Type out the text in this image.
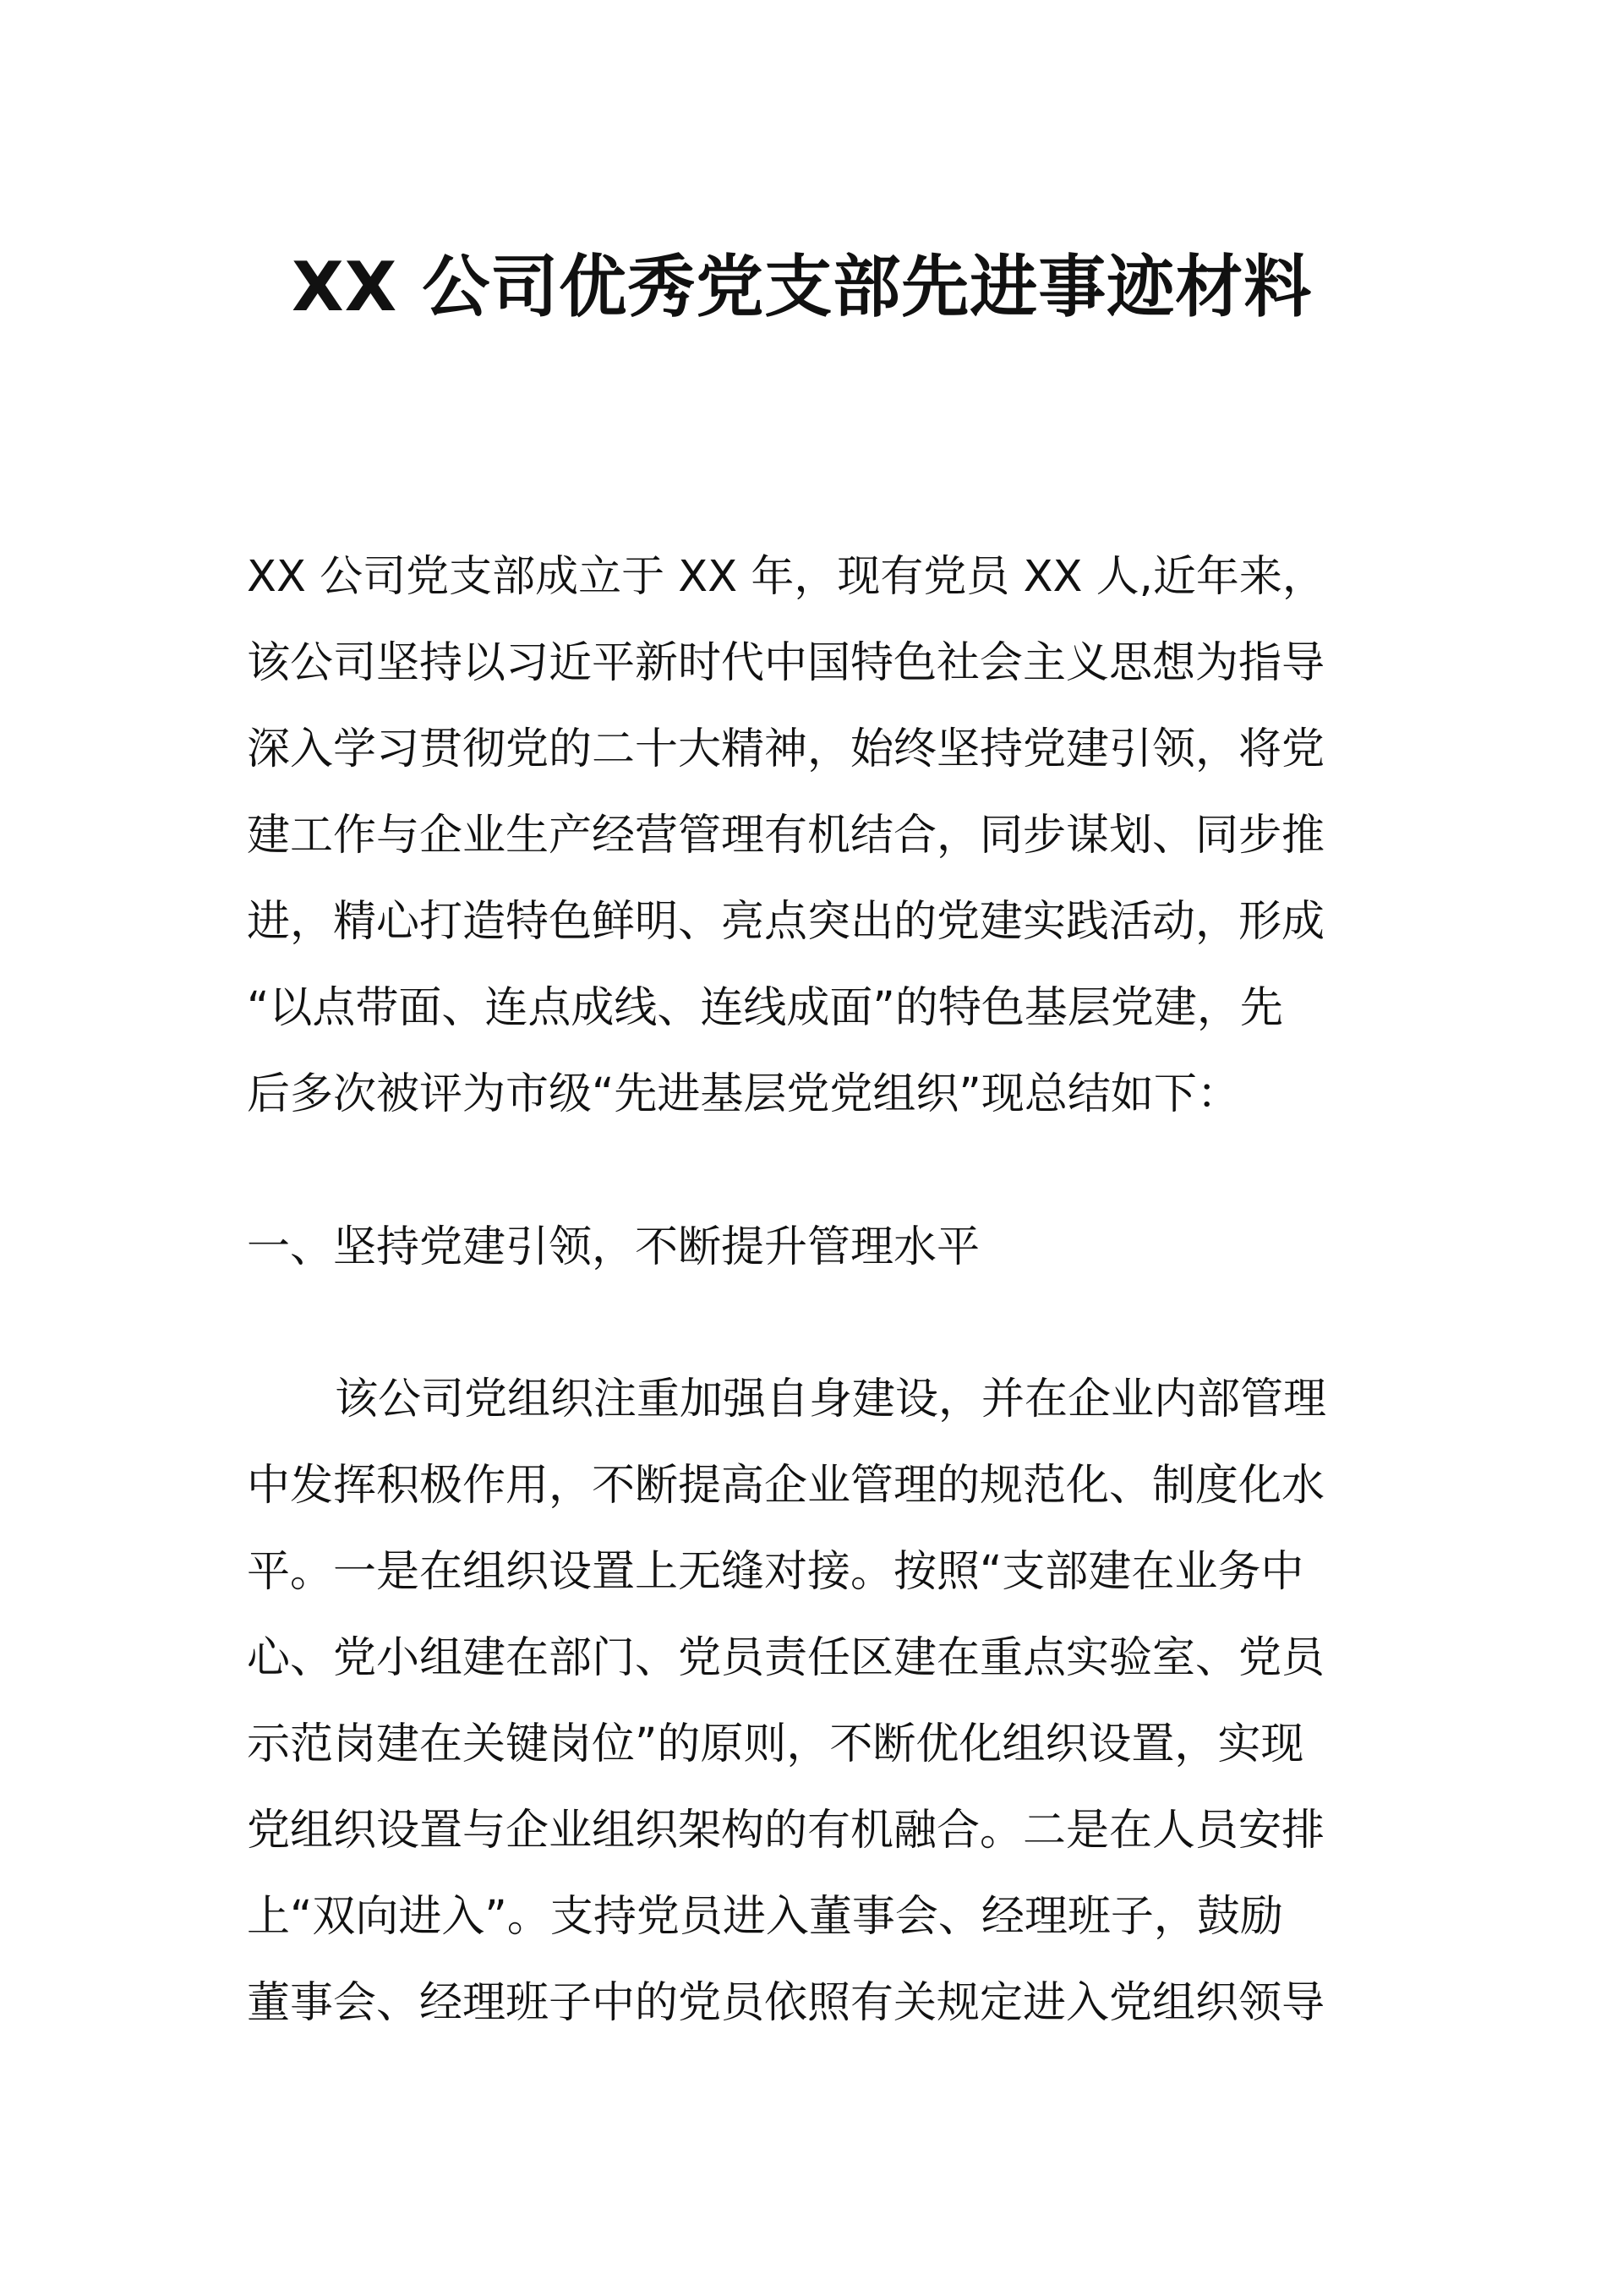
XX 公司优秀党支部先进事迹材料
XX 公司党支部成立于 XX 年，现有党员 XX 人,近年来，
该公司坚持以习近平新时代中国特色社会主义思想为指导
深入学习贯彻党的二十大精神，始终坚持党建引领，将党
建工作与企业生产经营管理有机结合，同步谋划、同步推
进，精心打造特色鲜明、亮点突出的党建实践活动，形成
“以点带面、连点成线、连线成面”的特色基层党建，先
后多次被评为市级“先进基层党党组织”现总结如下：
一、坚持党建引领，不断提升管理水平
该公司党组织注重加强自身建设，并在企业内部管理
中发挥积极作用，不断提高企业管理的规范化、制度化水
平。一是在组织设置上无缝对接。按照“支部建在业务中
心、党小组建在部门、党员责任区建在重点实验室、党员
示范岗建在关键岗位”的原则，不断优化组织设置，实现
党组织设置与企业组织架构的有机融合。二是在人员安排
上“双向进入”。支持党员进入董事会、经理班子，鼓励
董事会、经理班子中的党员依照有关规定进入党组织领导
